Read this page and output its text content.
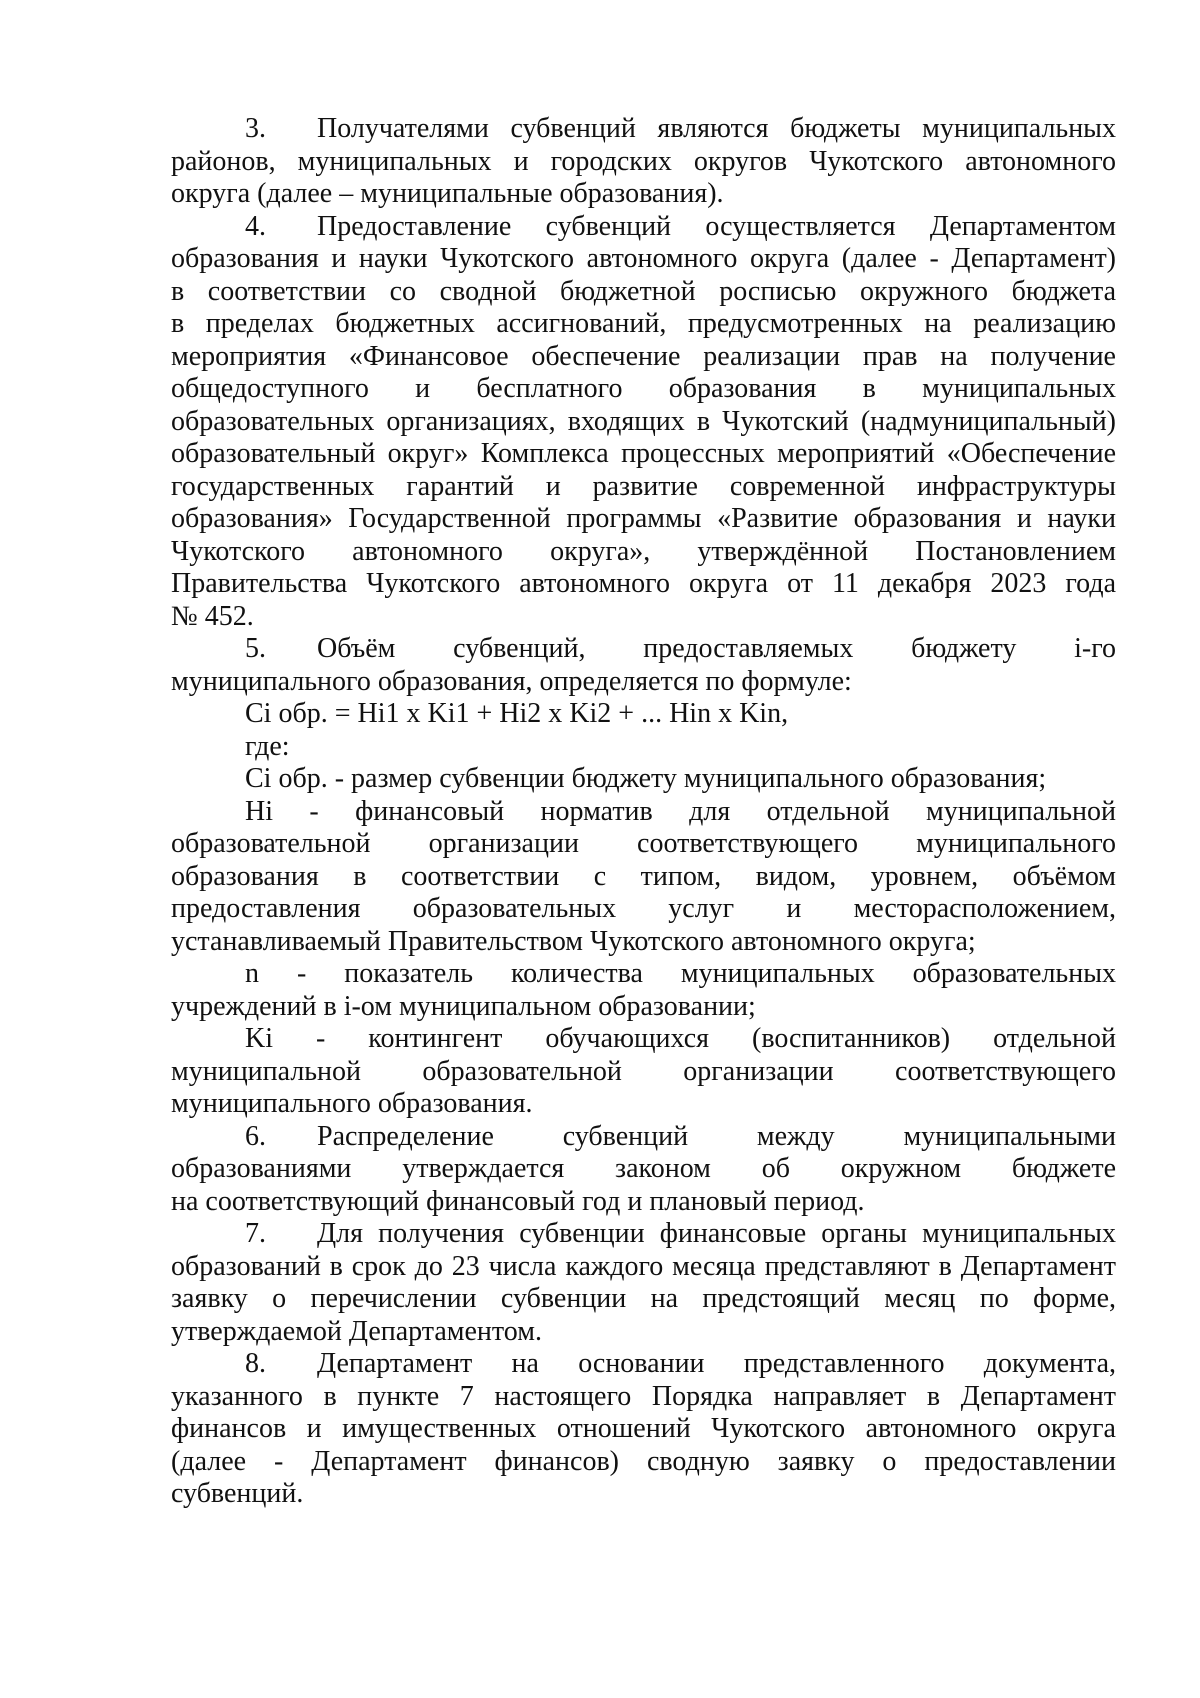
3. Получателями субвенций являются бюджеты муниципальных
районов, муниципальных и городских округов Чукотского автономного
округа (далее – муниципальные образования).
4. Предоставление субвенций осуществляется Департаментом
образования и науки Чукотского автономного округа (далее - Департамент)
в соответствии со сводной бюджетной росписью окружного бюджета
в пределах бюджетных ассигнований, предусмотренных на реализацию
мероприятия «Финансовое обеспечение реализации прав на получение
общедоступного и бесплатного образования в муниципальных
образовательных организациях, входящих в Чукотский (надмуниципальный)
образовательный округ» Комплекса процессных мероприятий «Обеспечение
государственных гарантий и развитие современной инфраструктуры
образования» Государственной программы «Развитие образования и науки
Чукотского автономного округа», утверждённой Постановлением
Правительства Чукотского автономного округа от 11 декабря 2023 года
№ 452.
5. Объём субвенций, предоставляемых бюджету i-го
муниципального образования, определяется по формуле:
Ci обр. = Hi1 x Ki1 + Hi2 x Ki2 + ... Hin x Kin,
где:
Ci обр. - размер субвенции бюджету муниципального образования;
Hi - финансовый норматив для отдельной муниципальной
образовательной организации соответствующего муниципального
образования в соответствии с типом, видом, уровнем, объёмом
предоставления образовательных услуг и месторасположением,
устанавливаемый Правительством Чукотского автономного округа;
n - показатель количества муниципальных образовательных
учреждений в i-ом муниципальном образовании;
Ki - контингент обучающихся (воспитанников) отдельной
муниципальной образовательной организации соответствующего
муниципального образования.
6. Распределение субвенций между муниципальными
образованиями утверждается законом об окружном бюджете
на соответствующий финансовый год и плановый период.
7. Для получения субвенции финансовые органы муниципальных
образований в срок до 23 числа каждого месяца представляют в Департамент
заявку о перечислении субвенции на предстоящий месяц по форме,
утверждаемой Департаментом.
8. Департамент на основании представленного документа,
указанного в пункте 7 настоящего Порядка направляет в Департамент
финансов и имущественных отношений Чукотского автономного округа
(далее - Департамент финансов) сводную заявку о предоставлении
субвенций.
